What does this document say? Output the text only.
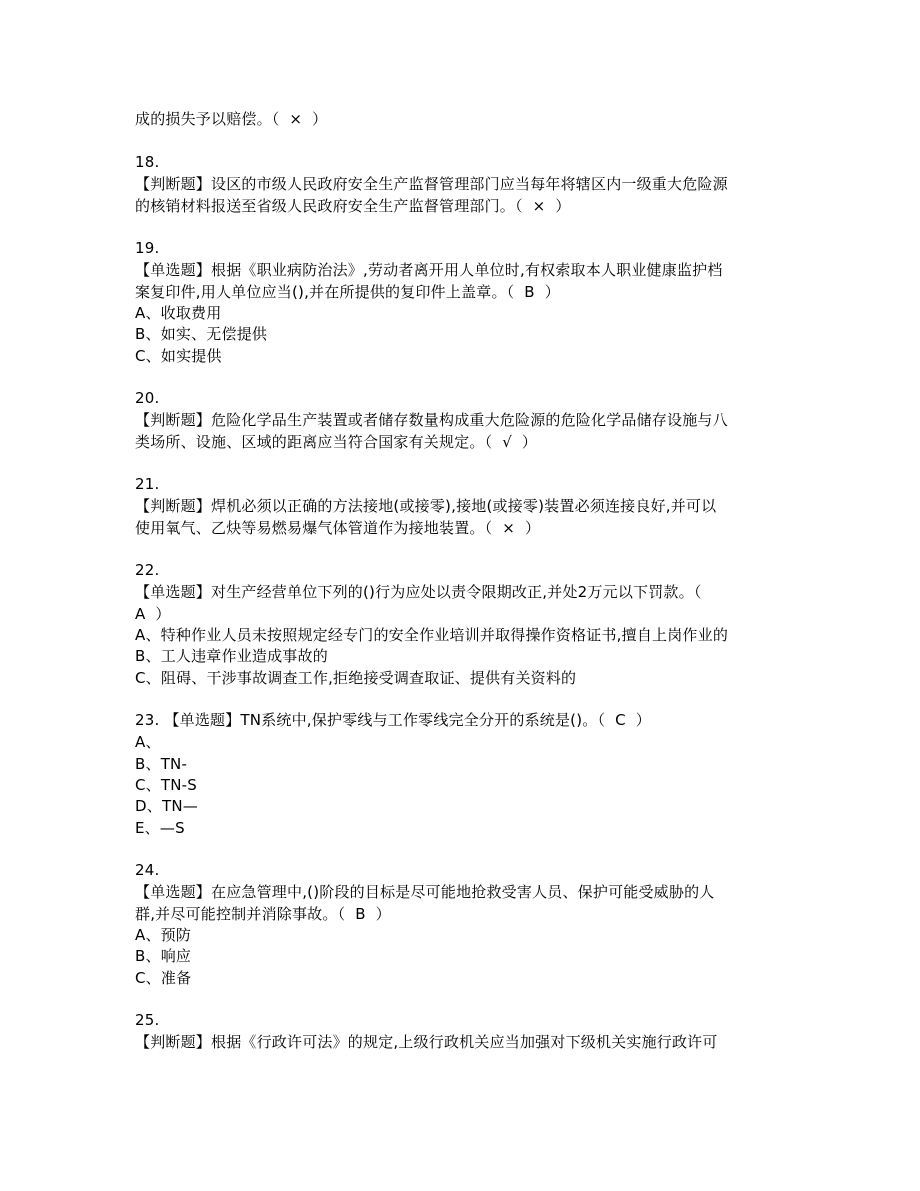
成的损失予以赔偿。（  ×  ）
18.
【判断题】设区的市级人民政府安全生产监督管理部门应当每年将辖区内一级重大危险源
的核销材料报送至省级人民政府安全生产监督管理部门。（  ×  ）
19.
【单选题】根据《职业病防治法》,劳动者离开用人单位时,有权索取本人职业健康监护档
案复印件,用人单位应当(),并在所提供的复印件上盖章。（  B  ）
A、收取费用
B、如实、无偿提供
C、如实提供
20.
【判断题】危险化学品生产装置或者储存数量构成重大危险源的危险化学品储存设施与八
类场所、设施、区域的距离应当符合国家有关规定。（  √  ）
21.
【判断题】焊机必须以正确的方法接地(或接零),接地(或接零)装置必须连接良好,并可以
使用氧气、乙炔等易燃易爆气体管道作为接地装置。（  ×  ）
22.
【单选题】对生产经营单位下列的()行为应处以责令限期改正,并处2万元以下罚款。（
A  ）
A、特种作业人员未按照规定经专门的安全作业培训并取得操作资格证书,擅自上岗作业的
B、工人违章作业造成事故的
C、阻碍、干涉事故调查工作,拒绝接受调查取证、提供有关资料的
23. 【单选题】TN系统中,保护零线与工作零线完全分开的系统是()。（  C  ）
A、
B、TN-
C、TN-S
D、TN—
E、—S
24.
【单选题】在应急管理中,()阶段的目标是尽可能地抢救受害人员、保护可能受威胁的人
群,并尽可能控制并消除事故。（  B  ）
A、预防
B、响应
C、准备
25.
【判断题】根据《行政许可法》的规定,上级行政机关应当加强对下级机关实施行政许可
